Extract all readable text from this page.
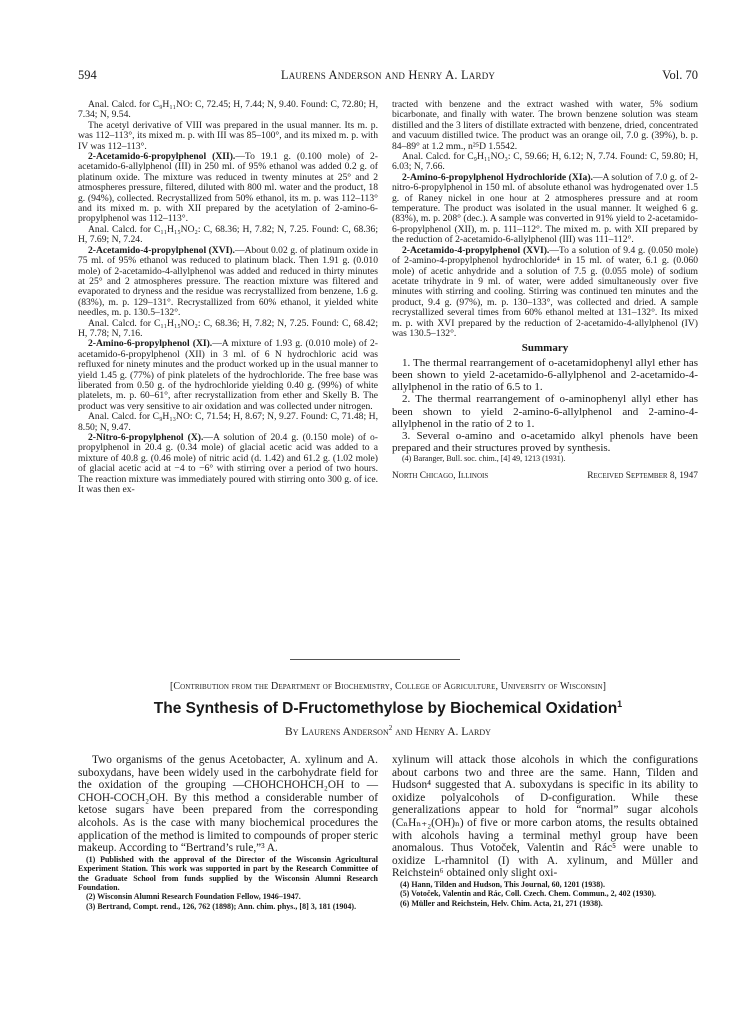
594	Laurens Anderson and Henry A. Lardy	Vol. 70

Anal. Calcd. for C₉H₁₁NO: C, 72.45; H, 7.44; N, 9.40. Found: C, 72.80; H, 7.34; N, 9.54.

The acetyl derivative of VIII was prepared in the usual manner. Its m. p. was 112–113°, its mixed m. p. with III was 85–100°, and its mixed m. p. with IV was 112–113°.

2-Acetamido-6-propylphenol (XII).—To 19.1 g. (0.100 mole) of 2-acetamido-6-allylphenol (III) in 250 ml. of 95% ethanol was added 0.2 g. of platinum oxide. The mixture was reduced in twenty minutes at 25° and 2 atmospheres pressure, filtered, diluted with 800 ml. water and the product, 18 g. (94%), collected. Recrystallized from 50% ethanol, its m. p. was 112–113° and its mixed m. p. with XII prepared by the acetylation of 2-amino-6-propylphenol was 112–113°.

Anal. Calcd. for C₁₁H₁₅NO₂: C, 68.36; H, 7.82; N, 7.25. Found: C, 68.36; H, 7.69; N, 7.24.

2-Acetamido-4-propylphenol (XVI).—About 0.02 g. of platinum oxide in 75 ml. of 95% ethanol was reduced to platinum black. Then 1.91 g. (0.010 mole) of 2-acetamido-4-allylphenol was added and reduced in thirty minutes at 25° and 2 atmospheres pressure. The reaction mixture was filtered and evaporated to dryness and the residue was recrystallized from benzene, 1.6 g. (83%), m. p. 129–131°. Recrystallized from 60% ethanol, it yielded white needles, m. p. 130.5–132°.

Anal. Calcd. for C₁₁H₁₅NO₂: C, 68.36; H, 7.82; N, 7.25. Found: C, 68.42; H, 7.78; N, 7.16.

2-Amino-6-propylphenol (XI).—A mixture of 1.93 g. (0.010 mole) of 2-acetamido-6-propylphenol (XII) in 3 ml. of 6 N hydrochloric acid was refluxed for ninety minutes and the product worked up in the usual manner to yield 1.45 g. (77%) of pink platelets of the hydrochloride. The free base was liberated from 0.50 g. of the hydrochloride yielding 0.40 g. (99%) of white platelets, m. p. 60–61°, after recrystallization from ether and Skelly B. The product was very sensitive to air oxidation and was collected under nitrogen.

Anal. Calcd. for C₉H₁₃NO: C, 71.54; H, 8.67; N, 9.27. Found: C, 71.48; H, 8.50; N, 9.47.

2-Nitro-6-propylphenol (X).—A solution of 20.4 g. (0.150 mole) of o-propylphenol in 20.4 g. (0.34 mole) of glacial acetic acid was added to a mixture of 40.8 g. (0.46 mole) of nitric acid (d. 1.42) and 61.2 g. (1.02 mole) of glacial acetic acid at −4 to −6° with stirring over a period of two hours. The reaction mixture was immediately poured with stirring onto 300 g. of ice. It was then ex-

tracted with benzene and the extract washed with water, 5% sodium bicarbonate, and finally with water. The brown benzene solution was steam distilled and the 3 liters of distillate extracted with benzene, dried, concentrated and vacuum distilled twice. The product was an orange oil, 7.0 g. (39%), b. p. 84–89° at 1.2 mm., n²⁵D 1.5542.

Anal. Calcd. for C₉H₁₁NO₃: C, 59.66; H, 6.12; N, 7.74. Found: C, 59.80; H, 6.03; N, 7.66.

2-Amino-6-propylphenol Hydrochloride (XIa).—A solution of 7.0 g. of 2-nitro-6-propylphenol in 150 ml. of absolute ethanol was hydrogenated over 1.5 g. of Raney nickel in one hour at 2 atmospheres pressure and at room temperature. The product was isolated in the usual manner. It weighed 6 g. (83%), m. p. 208° (dec.). A sample was converted in 91% yield to 2-acetamido-6-propylphenol (XII), m. p. 111–112°. The mixed m. p. with XII prepared by the reduction of 2-acetamido-6-allylphenol (III) was 111–112°.

2-Acetamido-4-propylphenol (XVI).—To a solution of 9.4 g. (0.050 mole) of 2-amino-4-propylphenol hydrochloride⁴ in 15 ml. of water, 6.1 g. (0.060 mole) of acetic anhydride and a solution of 7.5 g. (0.055 mole) of sodium acetate trihydrate in 9 ml. of water, were added simultaneously over five minutes with stirring and cooling. Stirring was continued ten minutes and the product, 9.4 g. (97%), m. p. 130–133°, was collected and dried. A sample recrystallized several times from 60% ethanol melted at 131–132°. Its mixed m. p. with XVI prepared by the reduction of 2-acetamido-4-allylphenol (IV) was 130.5–132°.

Summary

1. The thermal rearrangement of o-acetamidophenyl allyl ether has been shown to yield 2-acetamido-6-allylphenol and 2-acetamido-4-allylphenol in the ratio of 6.5 to 1.

2. The thermal rearrangement of o-aminophenyl allyl ether has been shown to yield 2-amino-6-allylphenol and 2-amino-4-allylphenol in the ratio of 2 to 1.

3. Several o-amino and o-acetamido alkyl phenols have been prepared and their structures proved by synthesis.

(4) Baranger, Bull. soc. chim., [4] 49, 1213 (1931).

North Chicago, Illinois	Received September 8, 1947
[Contribution from the Department of Biochemistry, College of Agriculture, University of Wisconsin]
The Synthesis of D-Fructomethylose by Biochemical Oxidation$^1$
By Laurens Anderson$^2$ and Henry A. Lardy

Two organisms of the genus Acetobacter, A. xylinum and A. suboxydans, have been widely used in the carbohydrate field for the oxidation of the grouping —CHOHCHOHCH₂OH to —CHOH-COCH₂OH. By this method a considerable number of ketose sugars have been prepared from the corresponding alcohols. As is the case with many biochemical procedures the application of the method is limited to compounds of proper steric makeup. According to “Bertrand’s rule,”³ A.

(1) Published with the approval of the Director of the Wisconsin Agricultural Experiment Station. This work was supported in part by the Research Committee of the Graduate School from funds supplied by the Wisconsin Alumni Research Foundation.

(2) Wisconsin Alumni Research Foundation Fellow, 1946–1947.

(3) Bertrand, Compt. rend., 126, 762 (1898); Ann. chim. phys., [8] 3, 181 (1904).

xylinum will attack those alcohols in which the configurations about carbons two and three are the same. Hann, Tilden and Hudson⁴ suggested that A. suboxydans is specific in its ability to oxidize polyalcohols of D-configuration. While these generalizations appear to hold for “normal” sugar alcohols (CₙHₙ₊₂(OH)ₙ) of five or more carbon atoms, the results obtained with alcohols having a terminal methyl group have been anomalous. Thus Votoček, Valentin and Rác⁵ were unable to oxidize L-rhamnitol (I) with A. xylinum, and Müller and Reichstein⁶ obtained only slight oxi-

(4) Hann, Tilden and Hudson, This Journal, 60, 1201 (1938).

(5) Votoček, Valentin and Rác, Coll. Czech. Chem. Commun., 2, 402 (1930).

(6) Müller and Reichstein, Helv. Chim. Acta, 21, 271 (1938).
